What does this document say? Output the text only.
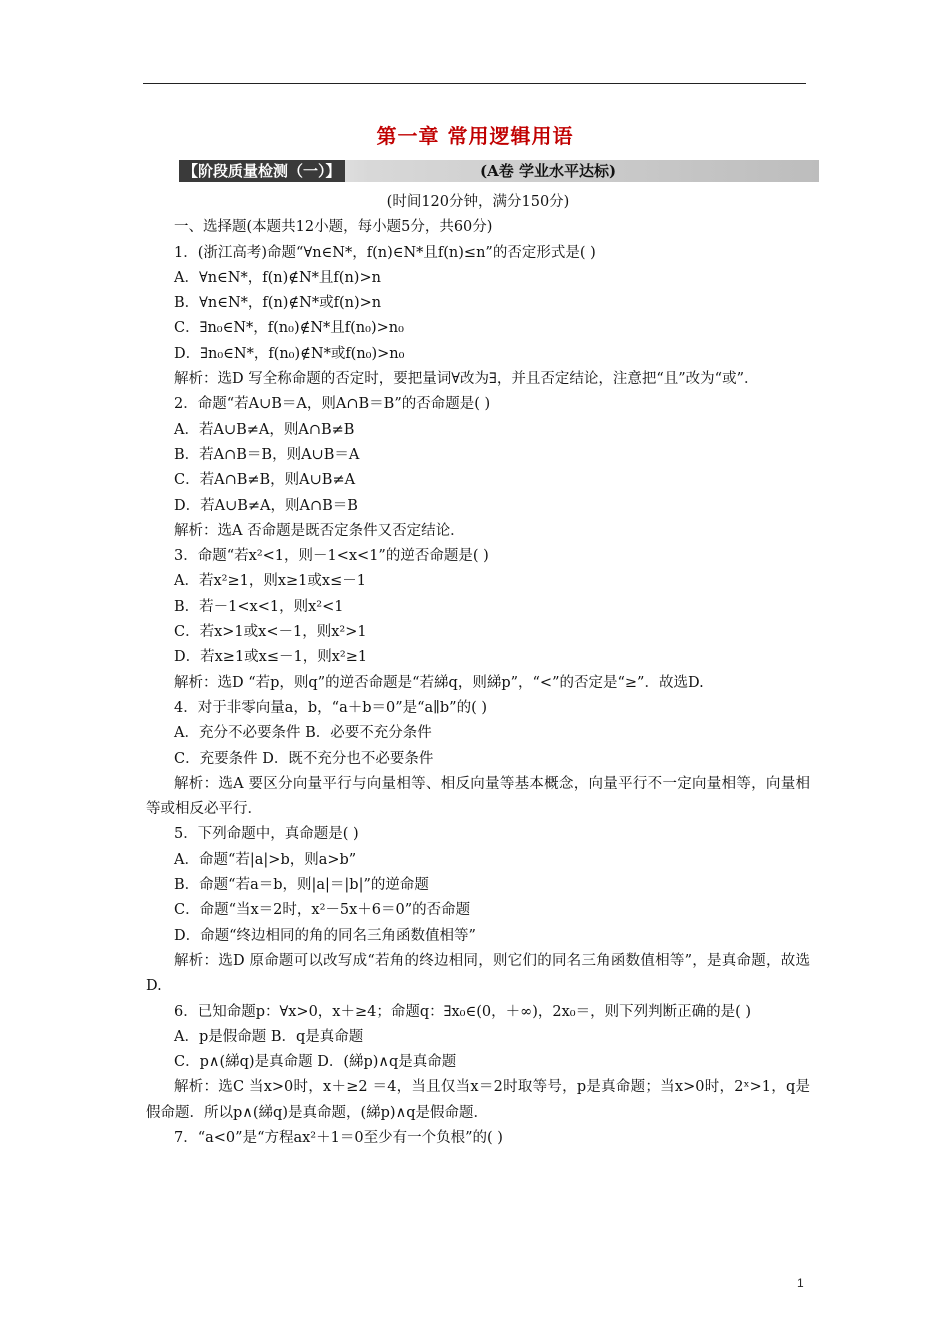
第一章 常用逻辑用语
【阶段质量检测（一）】	(A卷 学业水平达标)

(时间120分钟，满分150分)

一、选择题(本题共12小题，每小题5分，共60分)

1．(浙江高考)命题“∀n∈N*，f(n)∈N*且f(n)≤n”的否定形式是( )

A．∀n∈N*，f(n)∉N*且f(n)>n

B．∀n∈N*，f(n)∉N*或f(n)>n

C．∃n₀∈N*，f(n₀)∉N*且f(n₀)>n₀

D．∃n₀∈N*，f(n₀)∉N*或f(n₀)>n₀

解析：选D 写全称命题的否定时，要把量词∀改为∃，并且否定结论，注意把“且”改为“或”．

2．命题“若A∪B＝A，则A∩B＝B”的否命题是( )

A．若A∪B≠A，则A∩B≠B

B．若A∩B＝B，则A∪B＝A

C．若A∩B≠B，则A∪B≠A

D．若A∪B≠A，则A∩B＝B

解析：选A 否命题是既否定条件又否定结论．

3．命题“若x²<1，则－1<x<1”的逆否命题是( )

A．若x²≥1，则x≥1或x≤－1

B．若－1<x<1，则x²<1

C．若x>1或x<－1，则x²>1

D．若x≥1或x≤－1，则x²≥1

解析：选D “若p，则q”的逆否命题是“若綈q，则綈p”，“<”的否定是“≥”．故选D.

4．对于非零向量a，b，“a＋b＝0”是“a∥b”的( )

A．充分不必要条件 B．必要不充分条件

C．充要条件 D．既不充分也不必要条件

解析：选A 要区分向量平行与向量相等、相反向量等基本概念，向量平行不一定向量相等，向量相等或相反必平行．

5．下列命题中，真命题是( )

A．命题“若|a|>b，则a>b”

B．命题“若a＝b，则|a|＝|b|”的逆命题

C．命题“当x＝2时，x²－5x＋6＝0”的否命题

D．命题“终边相同的角的同名三角函数值相等”

解析：选D 原命题可以改写成“若角的终边相同，则它们的同名三角函数值相等”，是真命题，故选D.

6．已知命题p：∀x>0，x＋≥4；命题q：∃x₀∈(0，＋∞)，2x₀＝，则下列判断正确的是( )

A．p是假命题 B．q是真命题

C．p∧(綈q)是真命题 D．(綈p)∧q是真命题

解析：选C 当x>0时，x＋≥2 ＝4，当且仅当x＝2时取等号，p是真命题；当x>0时，2ˣ>1，q是假命题．所以p∧(綈q)是真命题，(綈p)∧q是假命题．

7．“a<0”是“方程ax²＋1＝0至少有一个负根”的( )

1
